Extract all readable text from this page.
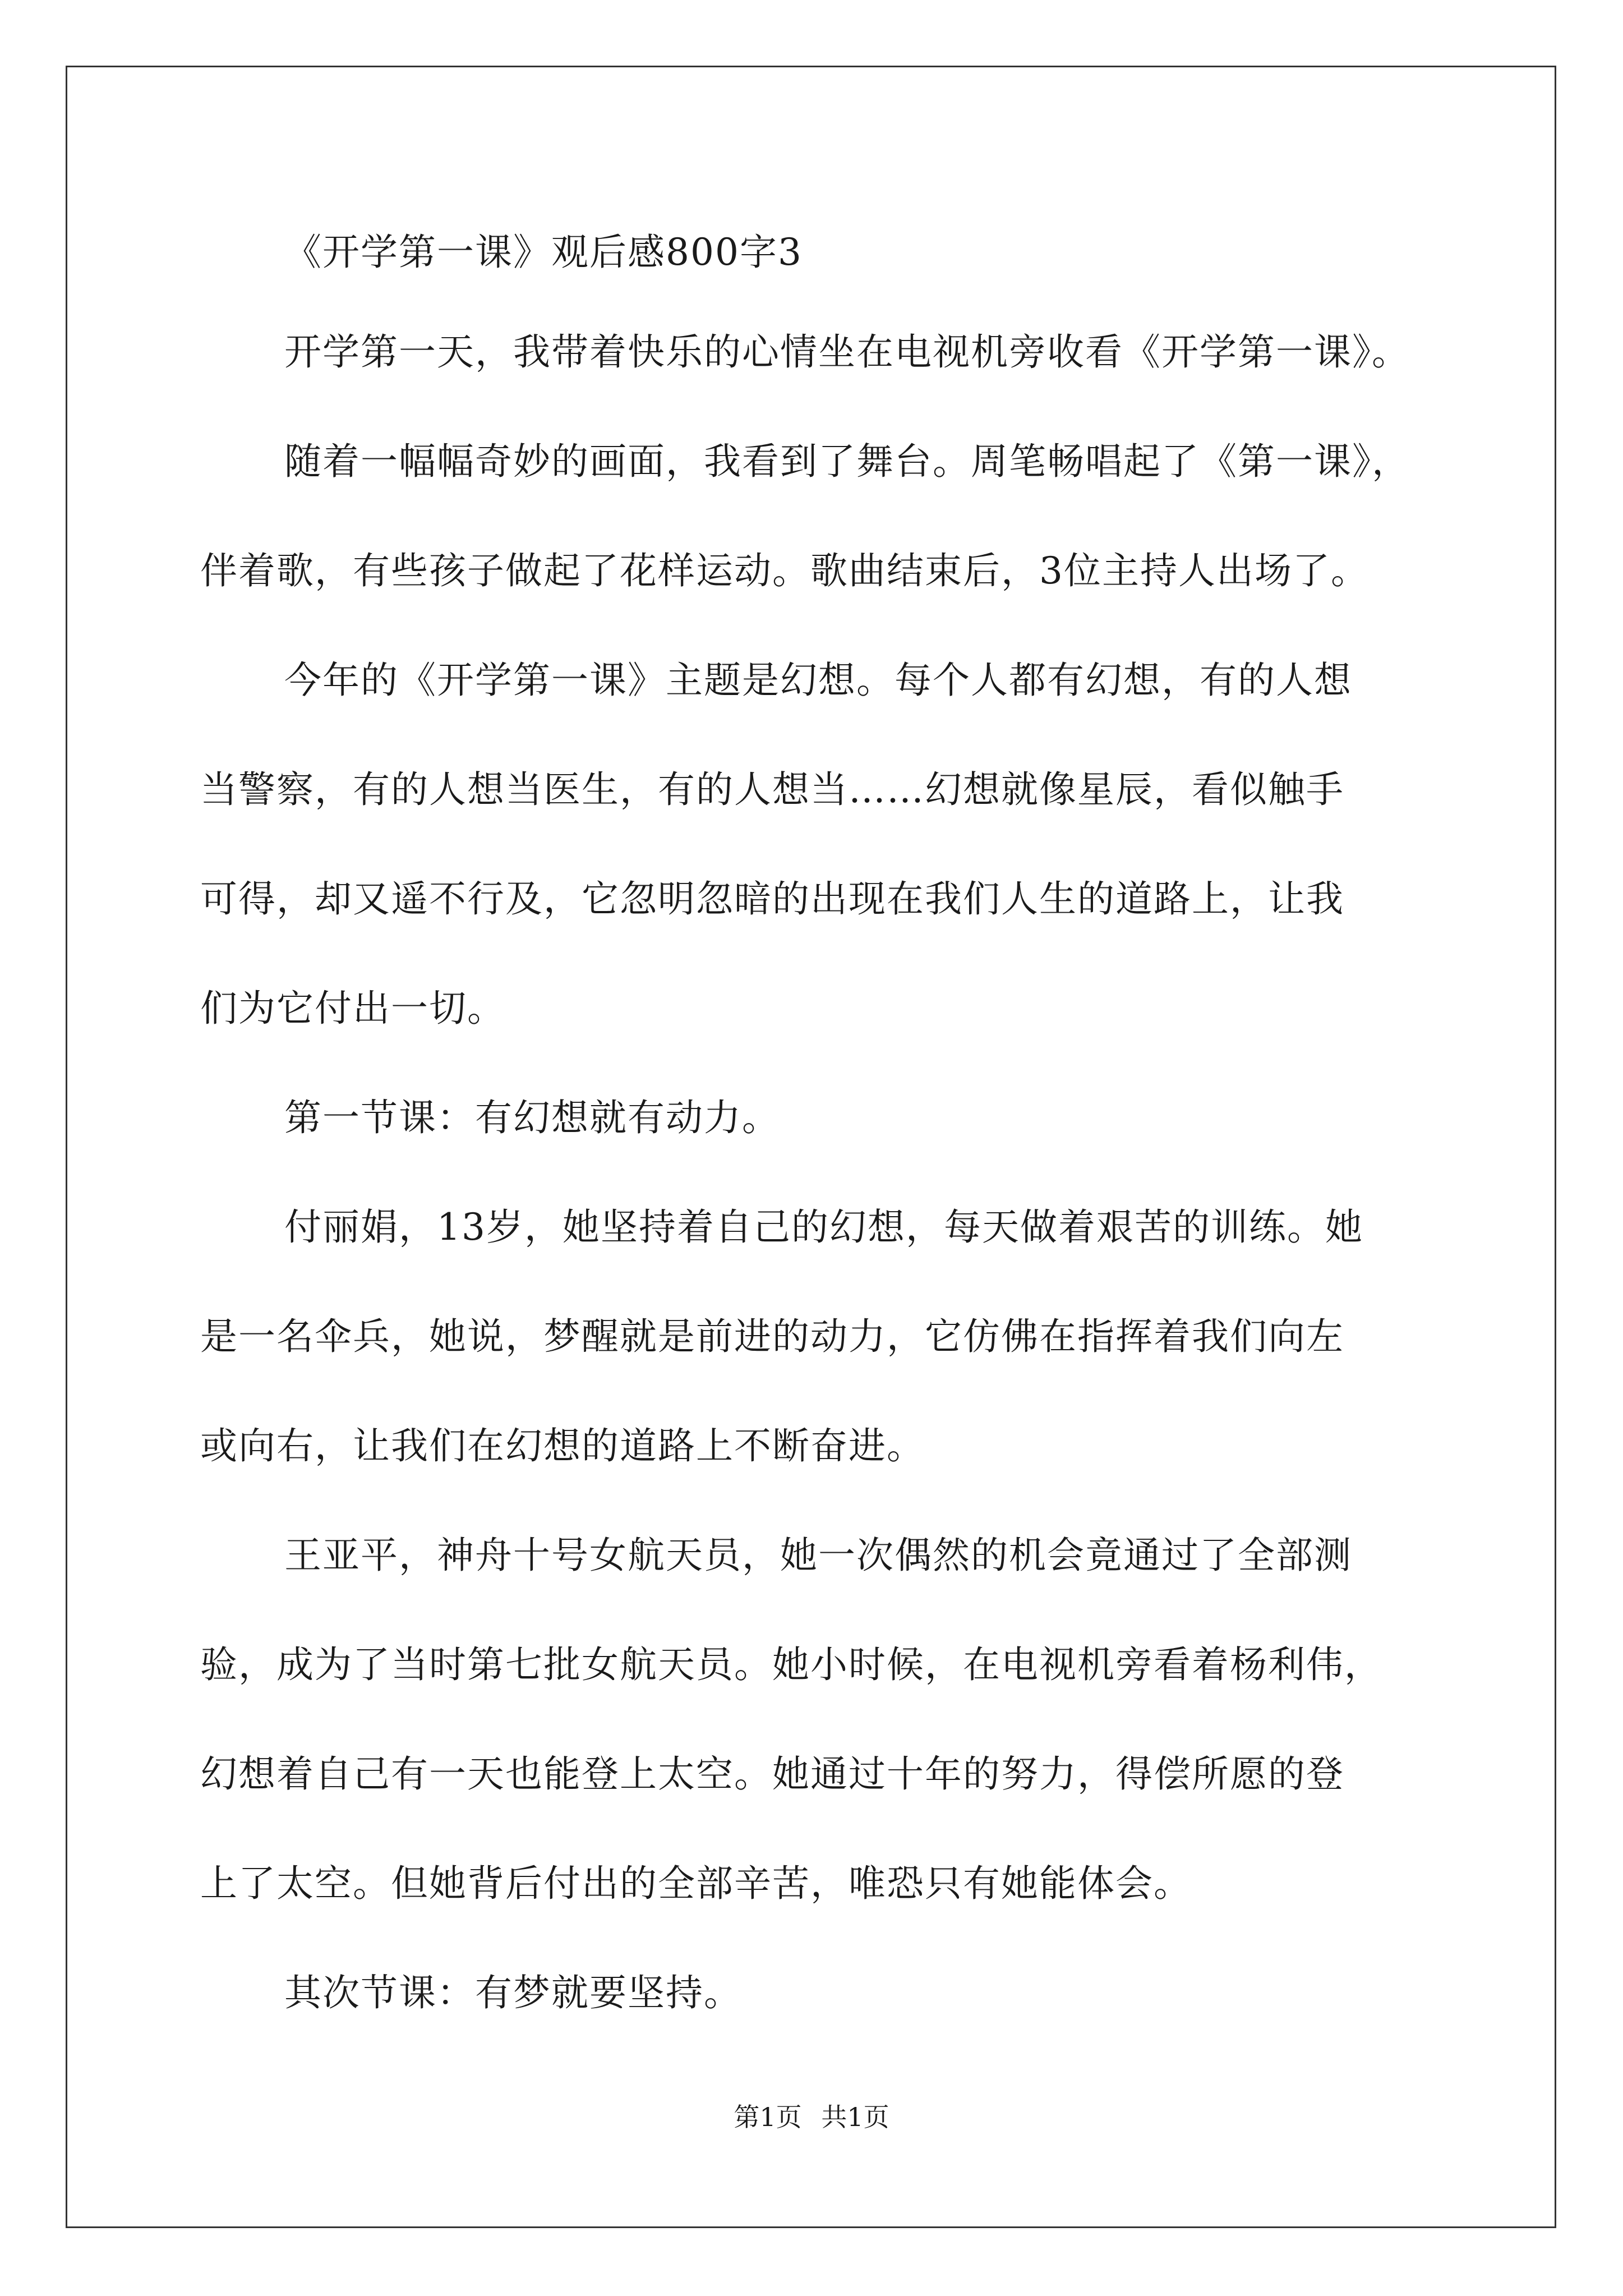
《开学第一课》观后感800字3
开学第一天，我带着快乐的心情坐在电视机旁收看《开学第一课》。
随着一幅幅奇妙的画面，我看到了舞台。周笔畅唱起了《第一课》，
伴着歌，有些孩子做起了花样运动。歌曲结束后，3位主持人出场了。
今年的《开学第一课》主题是幻想。每个人都有幻想，有的人想
当警察，有的人想当医生，有的人想当……幻想就像星辰，看似触手
可得，却又遥不行及，它忽明忽暗的出现在我们人生的道路上，让我
们为它付出一切。
第一节课：有幻想就有动力。
付丽娟，13岁，她坚持着自己的幻想，每天做着艰苦的训练。她
是一名伞兵，她说，梦醒就是前进的动力，它仿佛在指挥着我们向左
或向右，让我们在幻想的道路上不断奋进。
王亚平，神舟十号女航天员，她一次偶然的机会竟通过了全部测
验，成为了当时第七批女航天员。她小时候，在电视机旁看着杨利伟，
幻想着自己有一天也能登上太空。她通过十年的努力，得偿所愿的登
上了太空。但她背后付出的全部辛苦，唯恐只有她能体会。
其次节课：有梦就要坚持。
第1页 共1页
